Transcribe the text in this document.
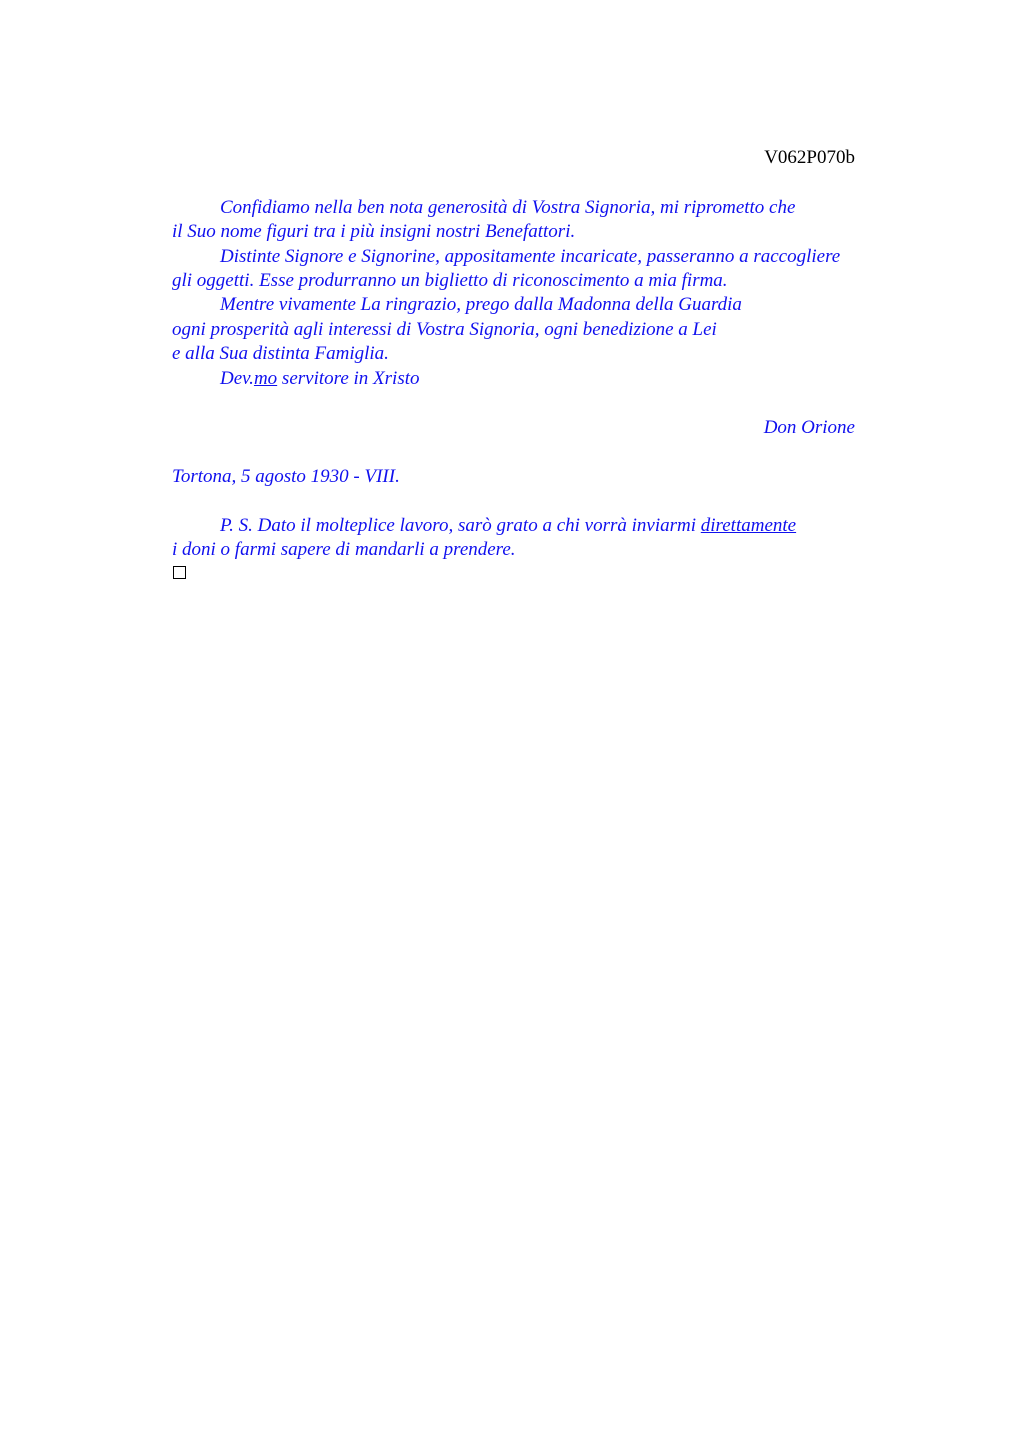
V062P070b
Confidiamo nella ben nota generosità di Vostra Signoria, mi riprometto che
il Suo nome figuri tra i più insigni nostri Benefattori.
Distinte Signore e Signorine, appositamente incaricate, passeranno a raccogliere
gli oggetti. Esse produrranno un biglietto di riconoscimento a mia firma.
Mentre vivamente La ringrazio, prego dalla Madonna della Guardia
ogni prosperità agli interessi di Vostra Signoria, ogni benedizione a Lei
e alla Sua distinta Famiglia.
Dev.mo servitore in Xristo
Don Orione
Tortona, 5 agosto 1930 - VIII.
P. S. Dato il molteplice lavoro, sarò grato a chi vorrà inviarmi direttamente
i doni o farmi sapere di mandarli a prendere.
